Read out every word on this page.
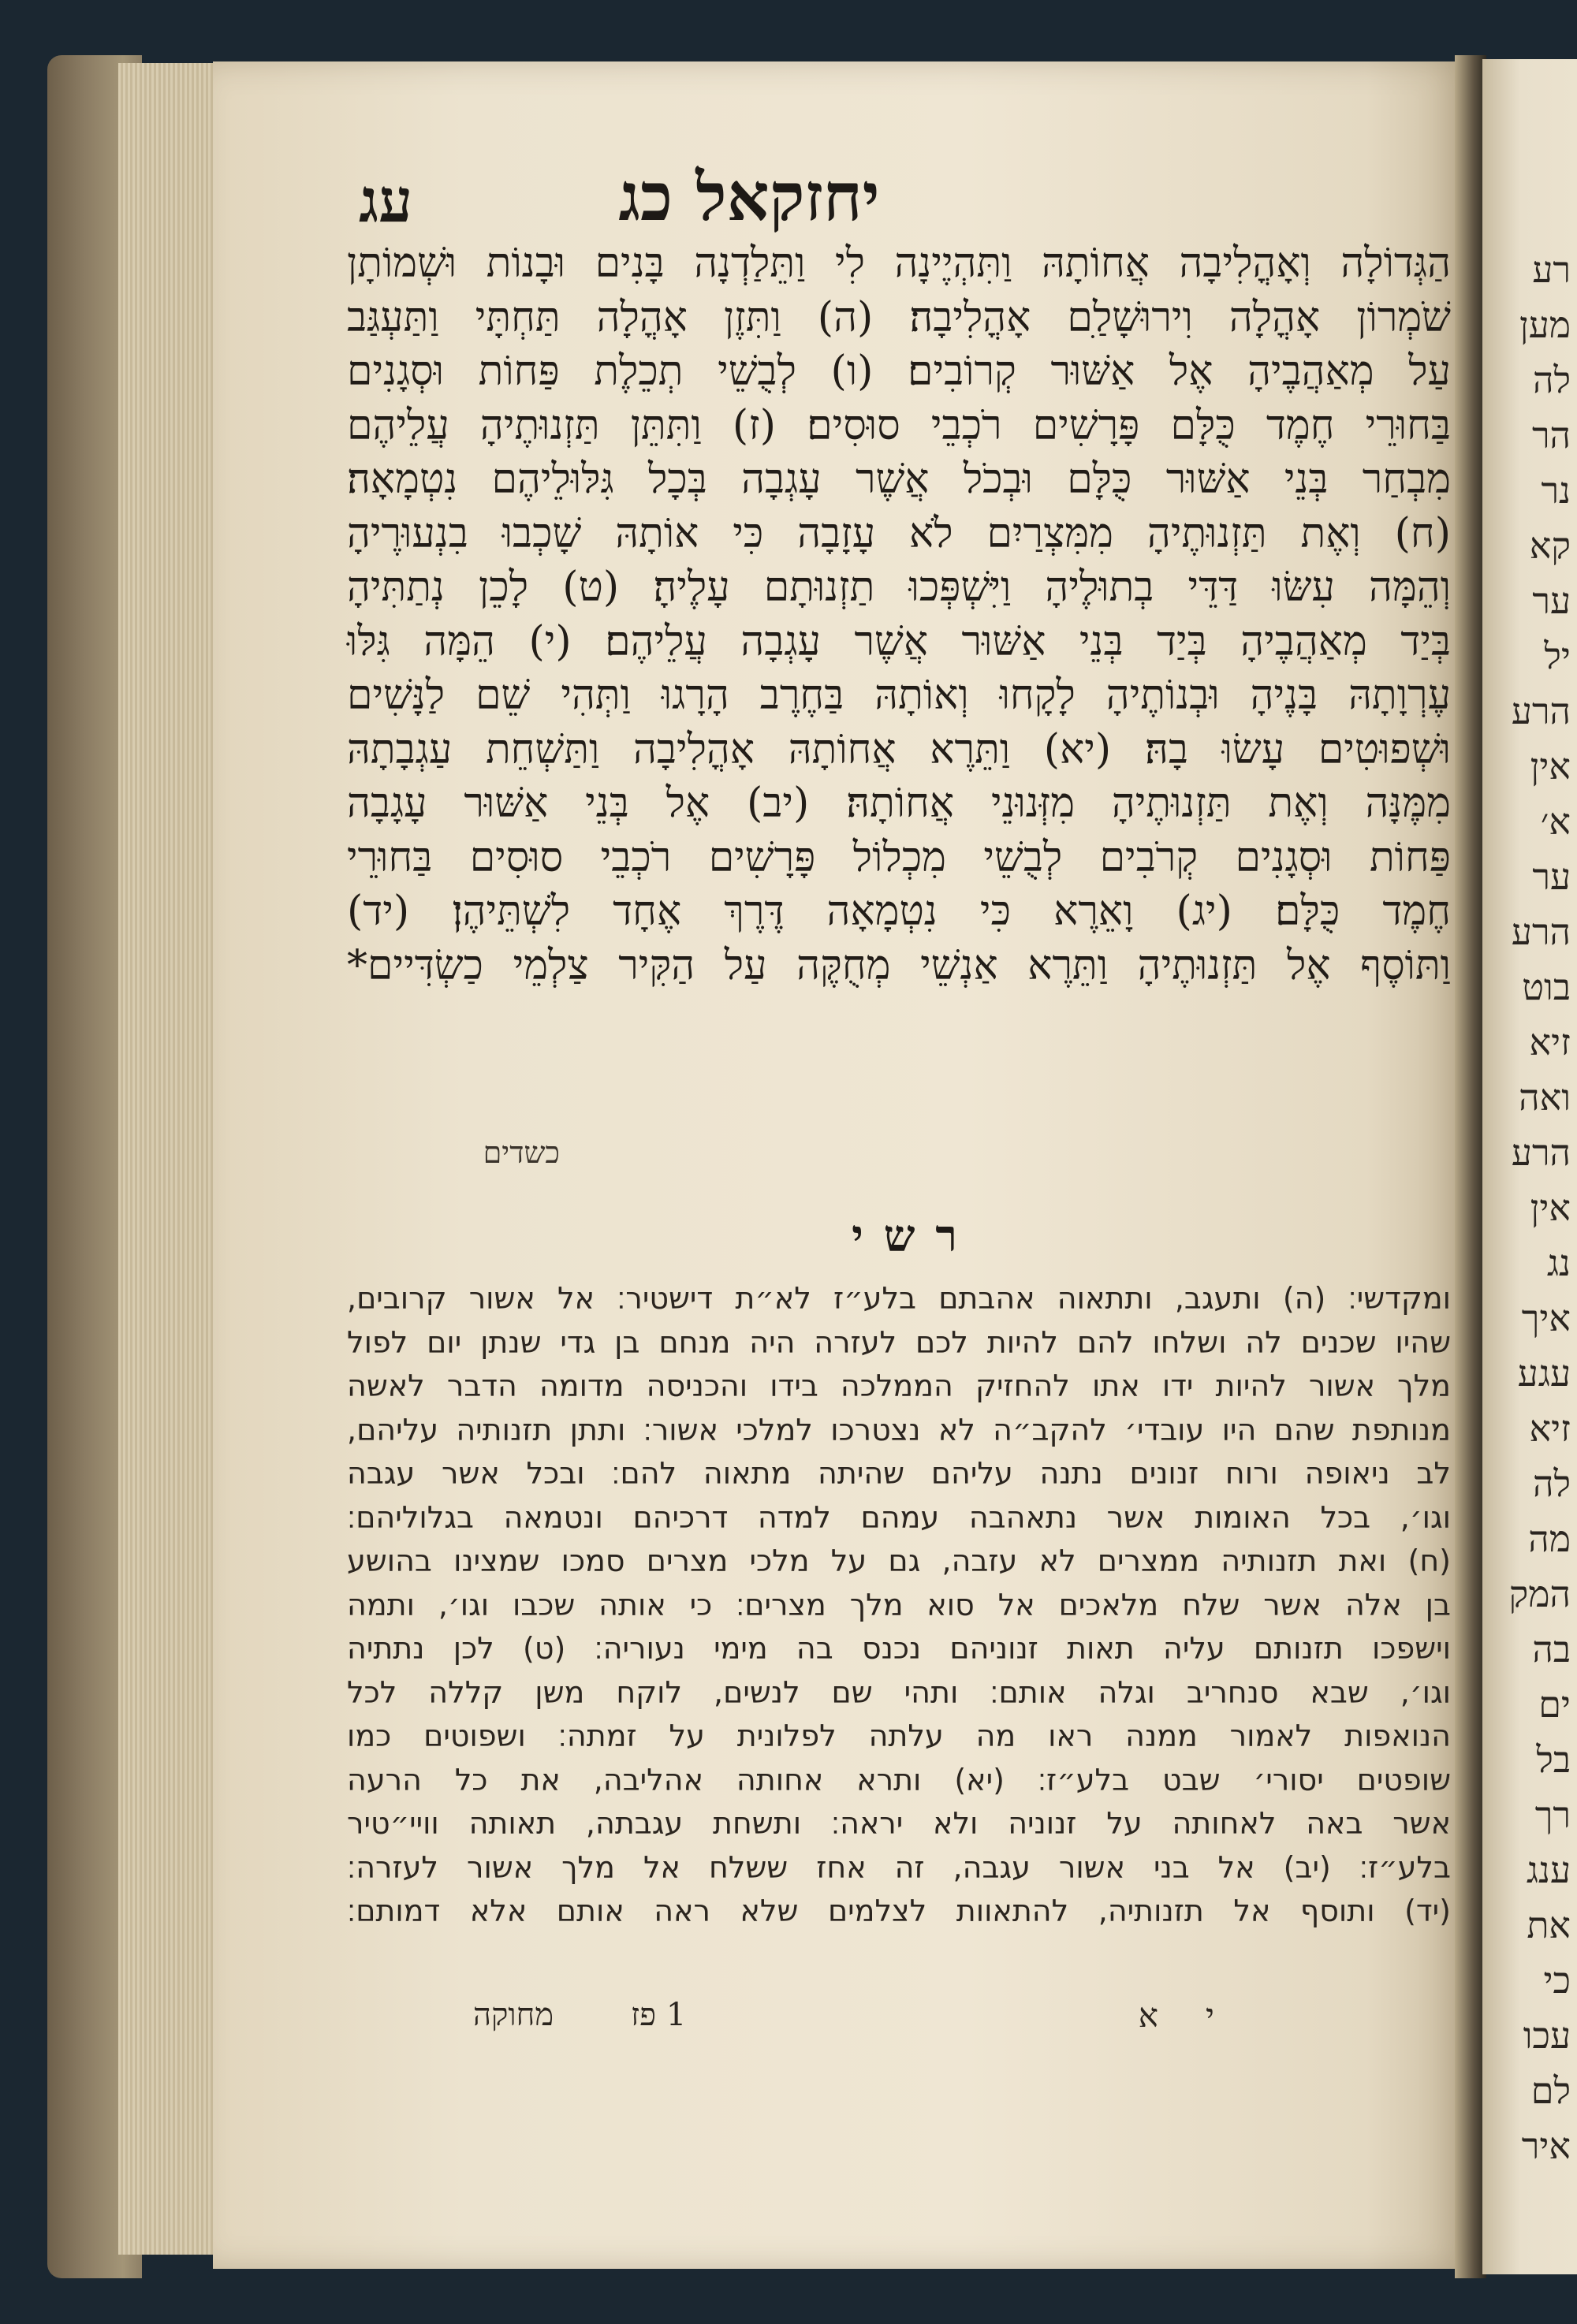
רע
מען
לה
הר
נר
קא
ער
יל
הרע
אין
א׳
ער
הרע
בוט
זיא
ואה
הרע
אין
נג
איך
עגע
זיא
לה
מה
המק
בה
ים
בל
רך
ענג
את
כי
עכו
לם
איר
יחזקאל כג
עג
הַגְּדוֹלָה וְאָהֳלִיבָה אֲחוֹתָהּ וַתִּהְיֶינָה לִי וַתֵּלַדְנָה בָּנִים וּבָנוֹת וּשְׁמוֹתָן
שֹׁמְרוֹן אָהֳלָה וִירוּשָׁלַ‍ִם אָהֳלִיבָה׃ (ה) וַתִּזֶן אָהֳלָה תַּחְתָּי וַתַּעְגַּב
עַל מְאַהֲבֶיהָ אֶל אַשּׁוּר קְרוֹבִים׃ (ו) לְבֻשֵׁי תְכֵלֶת פַּחוֹת וּסְגָנִים
בַּחוּרֵי חֶמֶד כֻּלָּם פָּרָשִׁים רֹכְבֵי סוּסִים׃ (ז) וַתִּתֵּן תַּזְנוּתֶיהָ עֲלֵיהֶם
מִבְחַר בְּנֵי אַשּׁוּר כֻּלָּם וּבְכֹל אֲשֶׁר עָגְבָה בְּכָל גִּלּוּלֵיהֶם נִטְמָאָה׃
(ח) וְאֶת תַּזְנוּתֶיהָ מִמִּצְרַיִם לֹא עָזָבָה כִּי אוֹתָהּ שָׁכְבוּ בִנְעוּרֶיהָ
וְהֵמָּה עִשּׂוּ דַּדֵּי בְתוּלֶיהָ וַיִּשְׁפְּכוּ תַזְנוּתָם עָלֶיהָ׃ (ט) לָכֵן נְתַתִּיהָ
בְּיַד מְאַהֲבֶיהָ בְּיַד בְּנֵי אַשּׁוּר אֲשֶׁר עָגְבָה עֲלֵיהֶם׃ (י) הֵמָּה גִּלּוּ
עֶרְוָתָהּ בָּנֶיהָ וּבְנוֹתֶיהָ לָקָחוּ וְאוֹתָהּ בַּחֶרֶב הָרָגוּ וַתְּהִי שֵׁם לַנָּשִׁים
וּשְׁפוּטִים עָשׂוּ בָהּ׃ (יא) וַתֵּרֶא אֲחוֹתָהּ אָהֳלִיבָה וַתַּשְׁחֵת עַגְבָתָהּ
מִמֶּנָּה וְאֶת תַּזְנוּתֶיהָ מִזְּנוּנֵי אֲחוֹתָהּ׃ (יב) אֶל בְּנֵי אַשּׁוּר עָגָבָה
פַּחוֹת וּסְגָנִים קְרֹבִים לְבֻשֵׁי מִכְלוֹל פָּרָשִׁים רֹכְבֵי סוּסִים בַּחוּרֵי
חֶמֶד כֻּלָּם׃ (יג) וָאֵרֶא כִּי נִטְמָאָה דֶּרֶךְ אֶחָד לִשְׁתֵּיהֶן׃ (יד)
וַתּוֹסֶף אֶל תַּזְנוּתֶיהָ וַתֵּרֶא אַנְשֵׁי מְחֻקֶּה עַל הַקִּיר צַלְמֵי כַשְׂדִּיים*
כשדים
רשי
ומקדשי׃ (ה) ותעגב, ותתאוה אהבתם בלע״ז לא״ת דישטיר׃ אל אשור קרובים,
שהיו שכנים לה ושלחו להם להיות לכם לעזרה היה מנחם בן גדי שנתן יום לפול
מלך אשור להיות ידו אתו להחזיק הממלכה בידו והכניסה מדומה הדבר לאשה
מנותפת שהם היו עובדי׳ להקב״ה לא נצטרכו למלכי אשור׃ ותתן תזנותיה עליהם,
לב ניאופה ורוח זנונים נתנה עליהם שהיתה מתאוה להם׃ ובכל אשר עגבה
וגו׳, בכל האומות אשר נתאהבה עמהם למדה דרכיהם ונטמאה בגלוליהם׃
(ח) ואת תזנותיה ממצרים לא עזבה, גם על מלכי מצרים סמכו שמצינו בהושע
בן אלה אשר שלח מלאכים אל סוא מלך מצרים׃ כי אותה שכבו וגו׳, ותמה
וישפכו תזנותם עליה תאות זנוניהם נכנס בה מימי נעוריה׃ (ט) לכן נתתיה
וגו׳, שבא סנחריב וגלה אותם׃ ותהי שם לנשים, לוקח משן קללה לכל
הנואפות לאמור ממנה ראו מה עלתה לפלונית על זמתה׃ ושפוטים כמו
שופטים יסורי׳ שבט בלע״ז׃ (יא) ותרא אחותה אהליבה, את כל הרעה
אשר באה לאחותה על זנוניה ולא יראה׃ ותשחת עגבתה, תאותה וויי״טיר
בלע״ז׃ (יב) אל בני אשור עגבה, זה אחז ששלח אל מלך אשור לעזרה׃
(יד) ותוסף אל תזנותיה, להתאוות לצלמים שלא ראה אותם אלא דמותם׃
יא
1 פז
מחוקה
